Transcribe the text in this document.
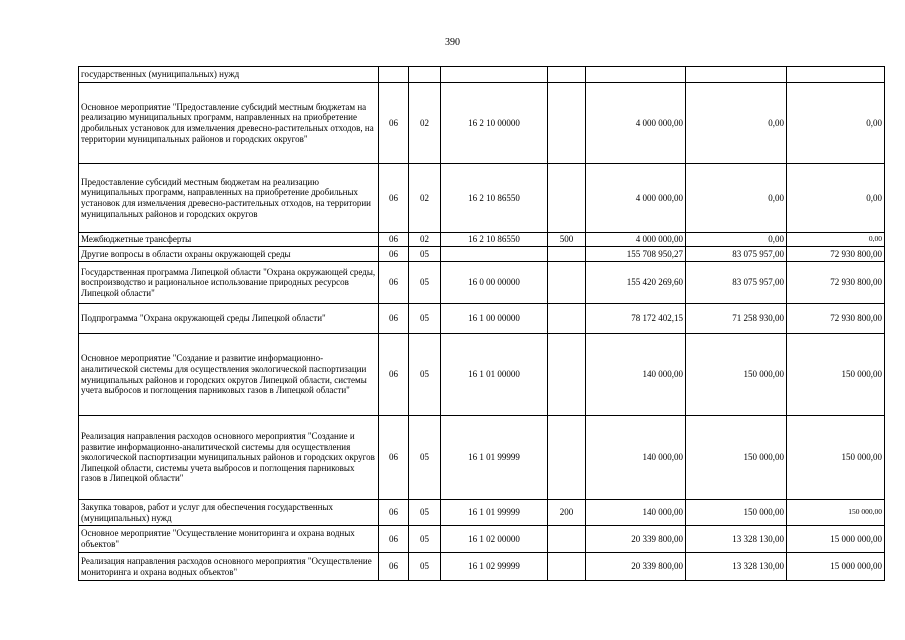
390
государственных (муниципальных) нужд							
Основное мероприятие "Предоставление субсидий местным бюджетам на реализацию муниципальных программ, направленных на приобретение дробильных установок для измельчения древесно-растительных отходов, на территории муниципальных районов и городских округов"	06	02	16 2 10 00000		4 000 000,00	0,00	0,00
Предоставление субсидий местным бюджетам на реализацию муниципальных программ, направленных на приобретение дробильных установок для измельчения древесно-растительных отходов, на территории муниципальных районов и городских округов	06	02	16 2 10 86550		4 000 000,00	0,00	0,00
Межбюджетные трансферты	06	02	16 2 10 86550	500	4 000 000,00	0,00	0,00
Другие вопросы в области охраны окружающей среды	06	05			155 708 950,27	83 075 957,00	72 930 800,00
Государственная программа Липецкой области "Охрана окружающей среды, воспроизводство и рациональное использование природных ресурсов Липецкой области"	06	05	16 0 00 00000		155 420 269,60	83 075 957,00	72 930 800,00
Подпрограмма "Охрана окружающей среды Липецкой области"	06	05	16 1 00 00000		78 172 402,15	71 258 930,00	72 930 800,00
Основное мероприятие "Создание и развитие информационно-аналитической системы для осуществления экологической паспортизации муниципальных районов и городских округов Липецкой области, системы учета выбросов и поглощения парниковых газов в Липецкой области"	06	05	16 1 01 00000		140 000,00	150 000,00	150 000,00
Реализация направления расходов основного мероприятия "Создание и развитие информационно-аналитической системы для осуществления экологической паспортизации муниципальных районов и городских округов Липецкой области, системы учета выбросов и поглощения парниковых газов в Липецкой области"	06	05	16 1 01 99999		140 000,00	150 000,00	150 000,00
Закупка товаров, работ и услуг для обеспечения государственных (муниципальных) нужд	06	05	16 1 01 99999	200	140 000,00	150 000,00	150 000,00
Основное мероприятие "Осуществление мониторинга и охрана водных объектов"	06	05	16 1 02 00000		20 339 800,00	13 328 130,00	15 000 000,00
Реализация направления расходов основного мероприятия "Осуществление мониторинга и охрана водных объектов"	06	05	16 1 02 99999		20 339 800,00	13 328 130,00	15 000 000,00
